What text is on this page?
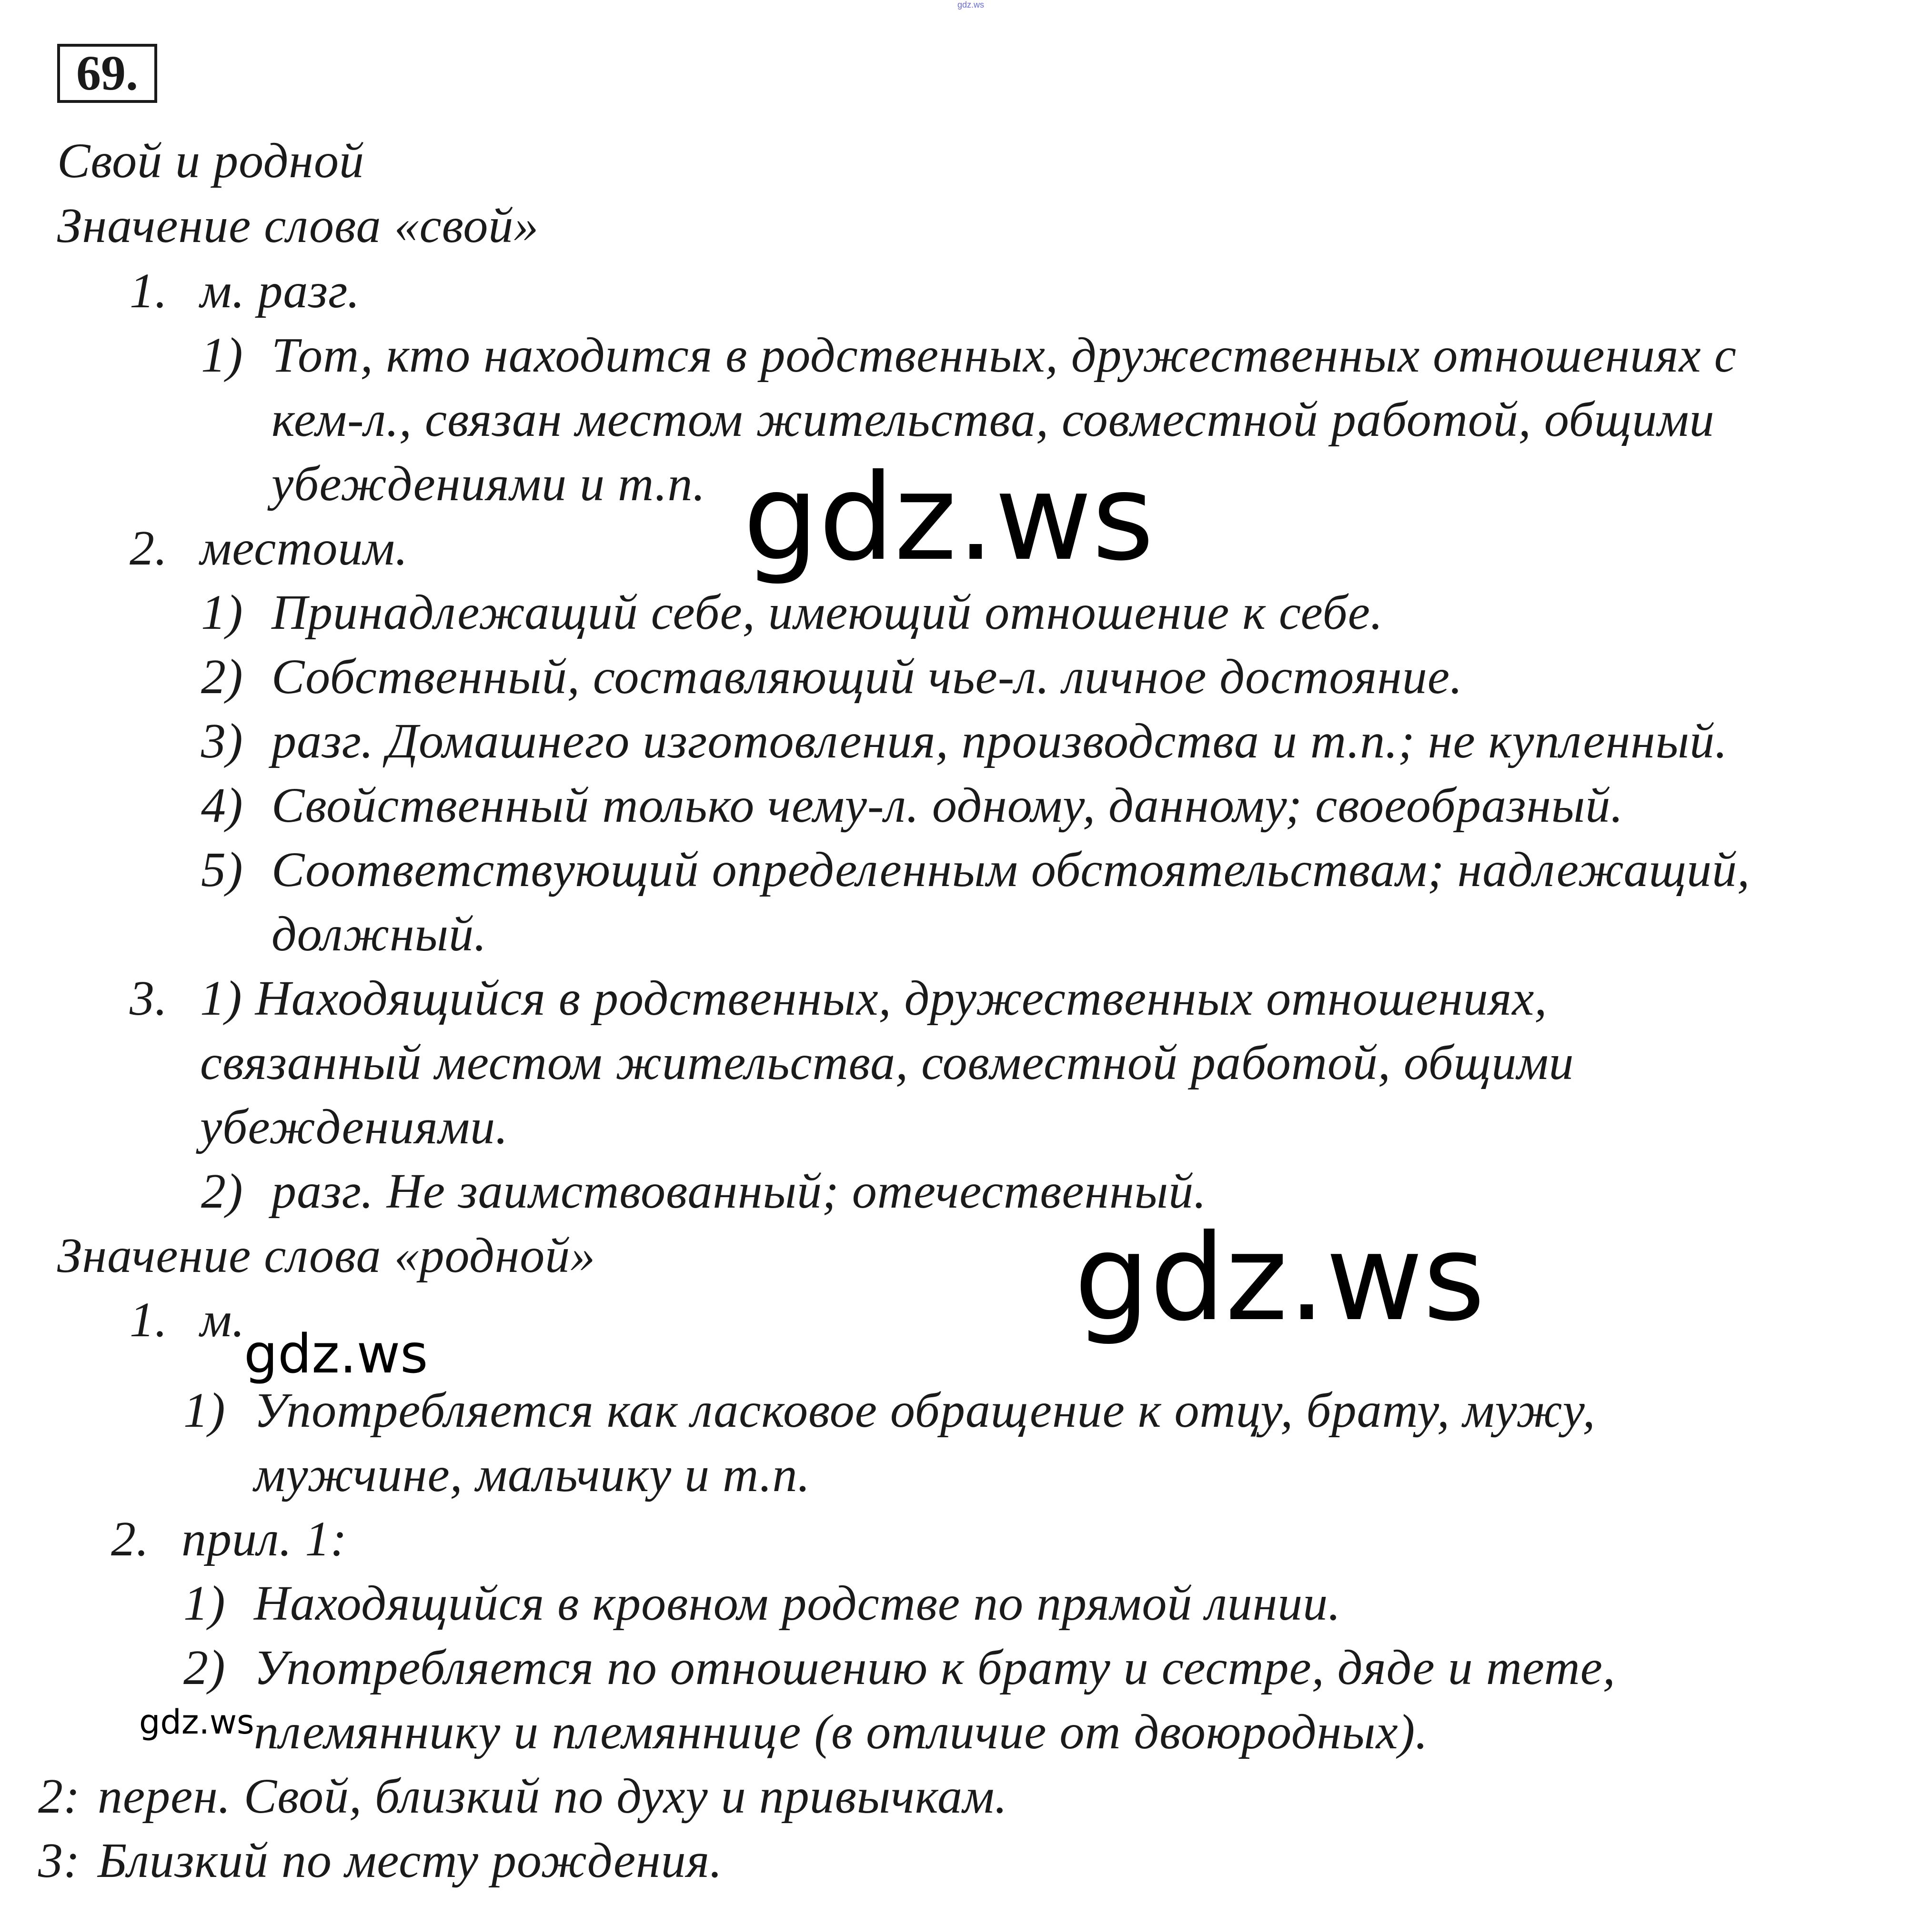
gdz.ws
69.
Свой и родной
Значение слова «свой»
1. м. разг.
1) Тот, кто находится в родственных, дружественных отношениях с
кем-л., связан местом жительства, совместной работой, общими
убеждениями и т.п.
2. местоим.
1) Принадлежащий себе, имеющий отношение к себе.
2) Собственный, составляющий чье-л. личное достояние.
3) разг. Домашнего изготовления, производства и т.п.; не купленный.
4) Свойственный только чему-л. одному, данному; своеобразный.
5) Соответствующий определенным обстоятельствам; надлежащий,
должный.
3. 1) Находящийся в родственных, дружественных отношениях,
связанный местом жительства, совместной работой, общими
убеждениями.
2) разг. Не заимствованный; отечественный.
Значение слова «родной»
1. м.
1) Употребляется как ласковое обращение к отцу, брату, мужу,
мужчине, мальчику и т.п.
2. прил. 1:
1) Находящийся в кровном родстве по прямой линии.
2) Употребляется по отношению к брату и сестре, дяде и тете,
племяннику и племяннице (в отличие от двоюродных).
2: перен. Свой, близкий по духу и привычкам.
3: Близкий по месту рождения.
gdz.ws
gdz.ws
gdz.ws
gdz.ws
